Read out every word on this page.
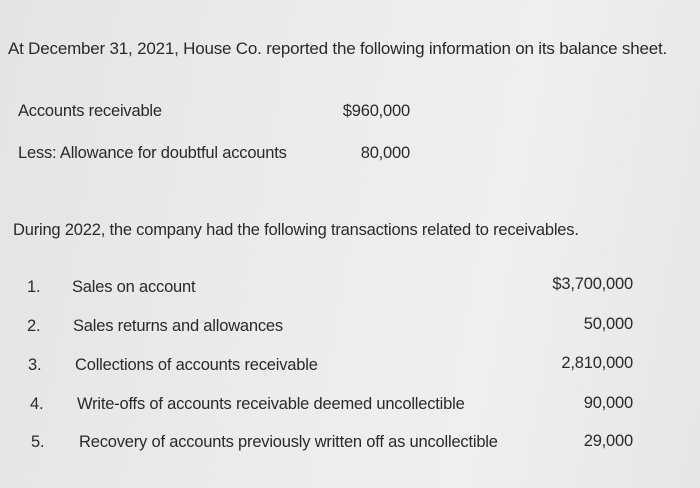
At December 31, 2021, House Co. reported the following information on its balance sheet.
Accounts receivable	$960,000
Less: Allowance for doubtful accounts	80,000
During 2022, the company had the following transactions related to receivables.
1. Sales on account	$3,700,000
2. Sales returns and allowances	50,000
3. Collections of accounts receivable	2,810,000
4. Write-offs of accounts receivable deemed uncollectible	90,000
5. Recovery of accounts previously written off as uncollectible	29,000
